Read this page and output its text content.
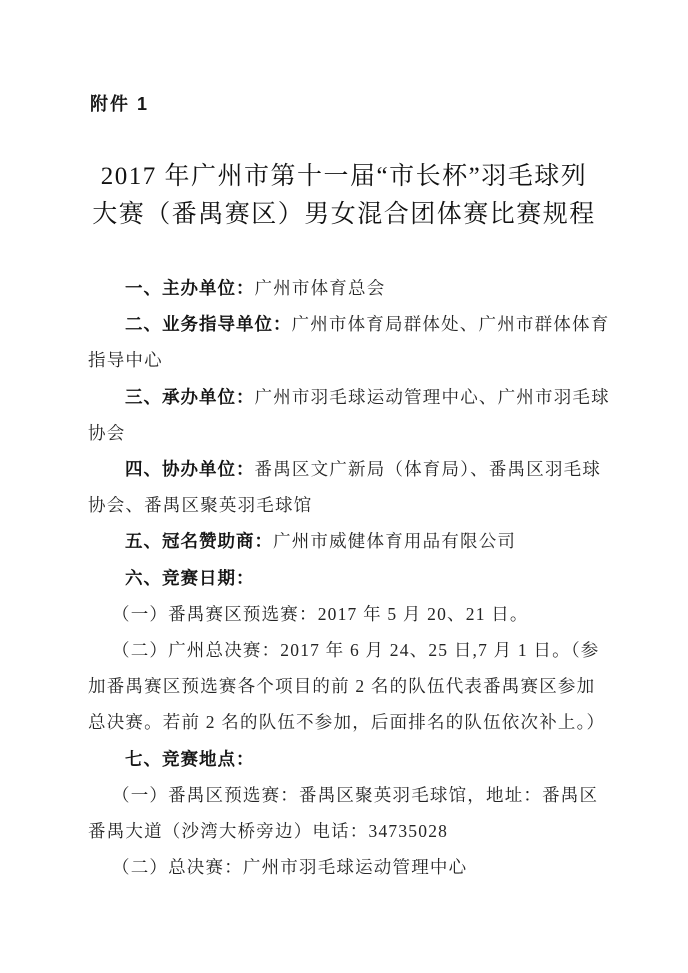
附件 1
2017 年广州市第十一届“市长杯”羽毛球列
大赛（番禺赛区）男女混合团体赛比赛规程
一、主办单位：广州市体育总会
二、业务指导单位：广州市体育局群体处、广州市群体体育
指导中心
三、承办单位：广州市羽毛球运动管理中心、广州市羽毛球
协会
四、协办单位：番禺区文广新局（体育局）、番禺区羽毛球
协会、番禺区聚英羽毛球馆
五、冠名赞助商：广州市威健体育用品有限公司
六、竞赛日期：
（一）番禺赛区预选赛：2017 年 5 月 20、21 日。
（二）广州总决赛：2017 年 6 月 24、25 日,7 月 1 日。（参
加番禺赛区预选赛各个项目的前 2 名的队伍代表番禺赛区参加
总决赛。若前 2 名的队伍不参加，后面排名的队伍依次补上。）
七、竞赛地点：
（一）番禺区预选赛：番禺区聚英羽毛球馆，地址：番禺区
番禺大道（沙湾大桥旁边）电话：34735028
（二）总决赛：广州市羽毛球运动管理中心
